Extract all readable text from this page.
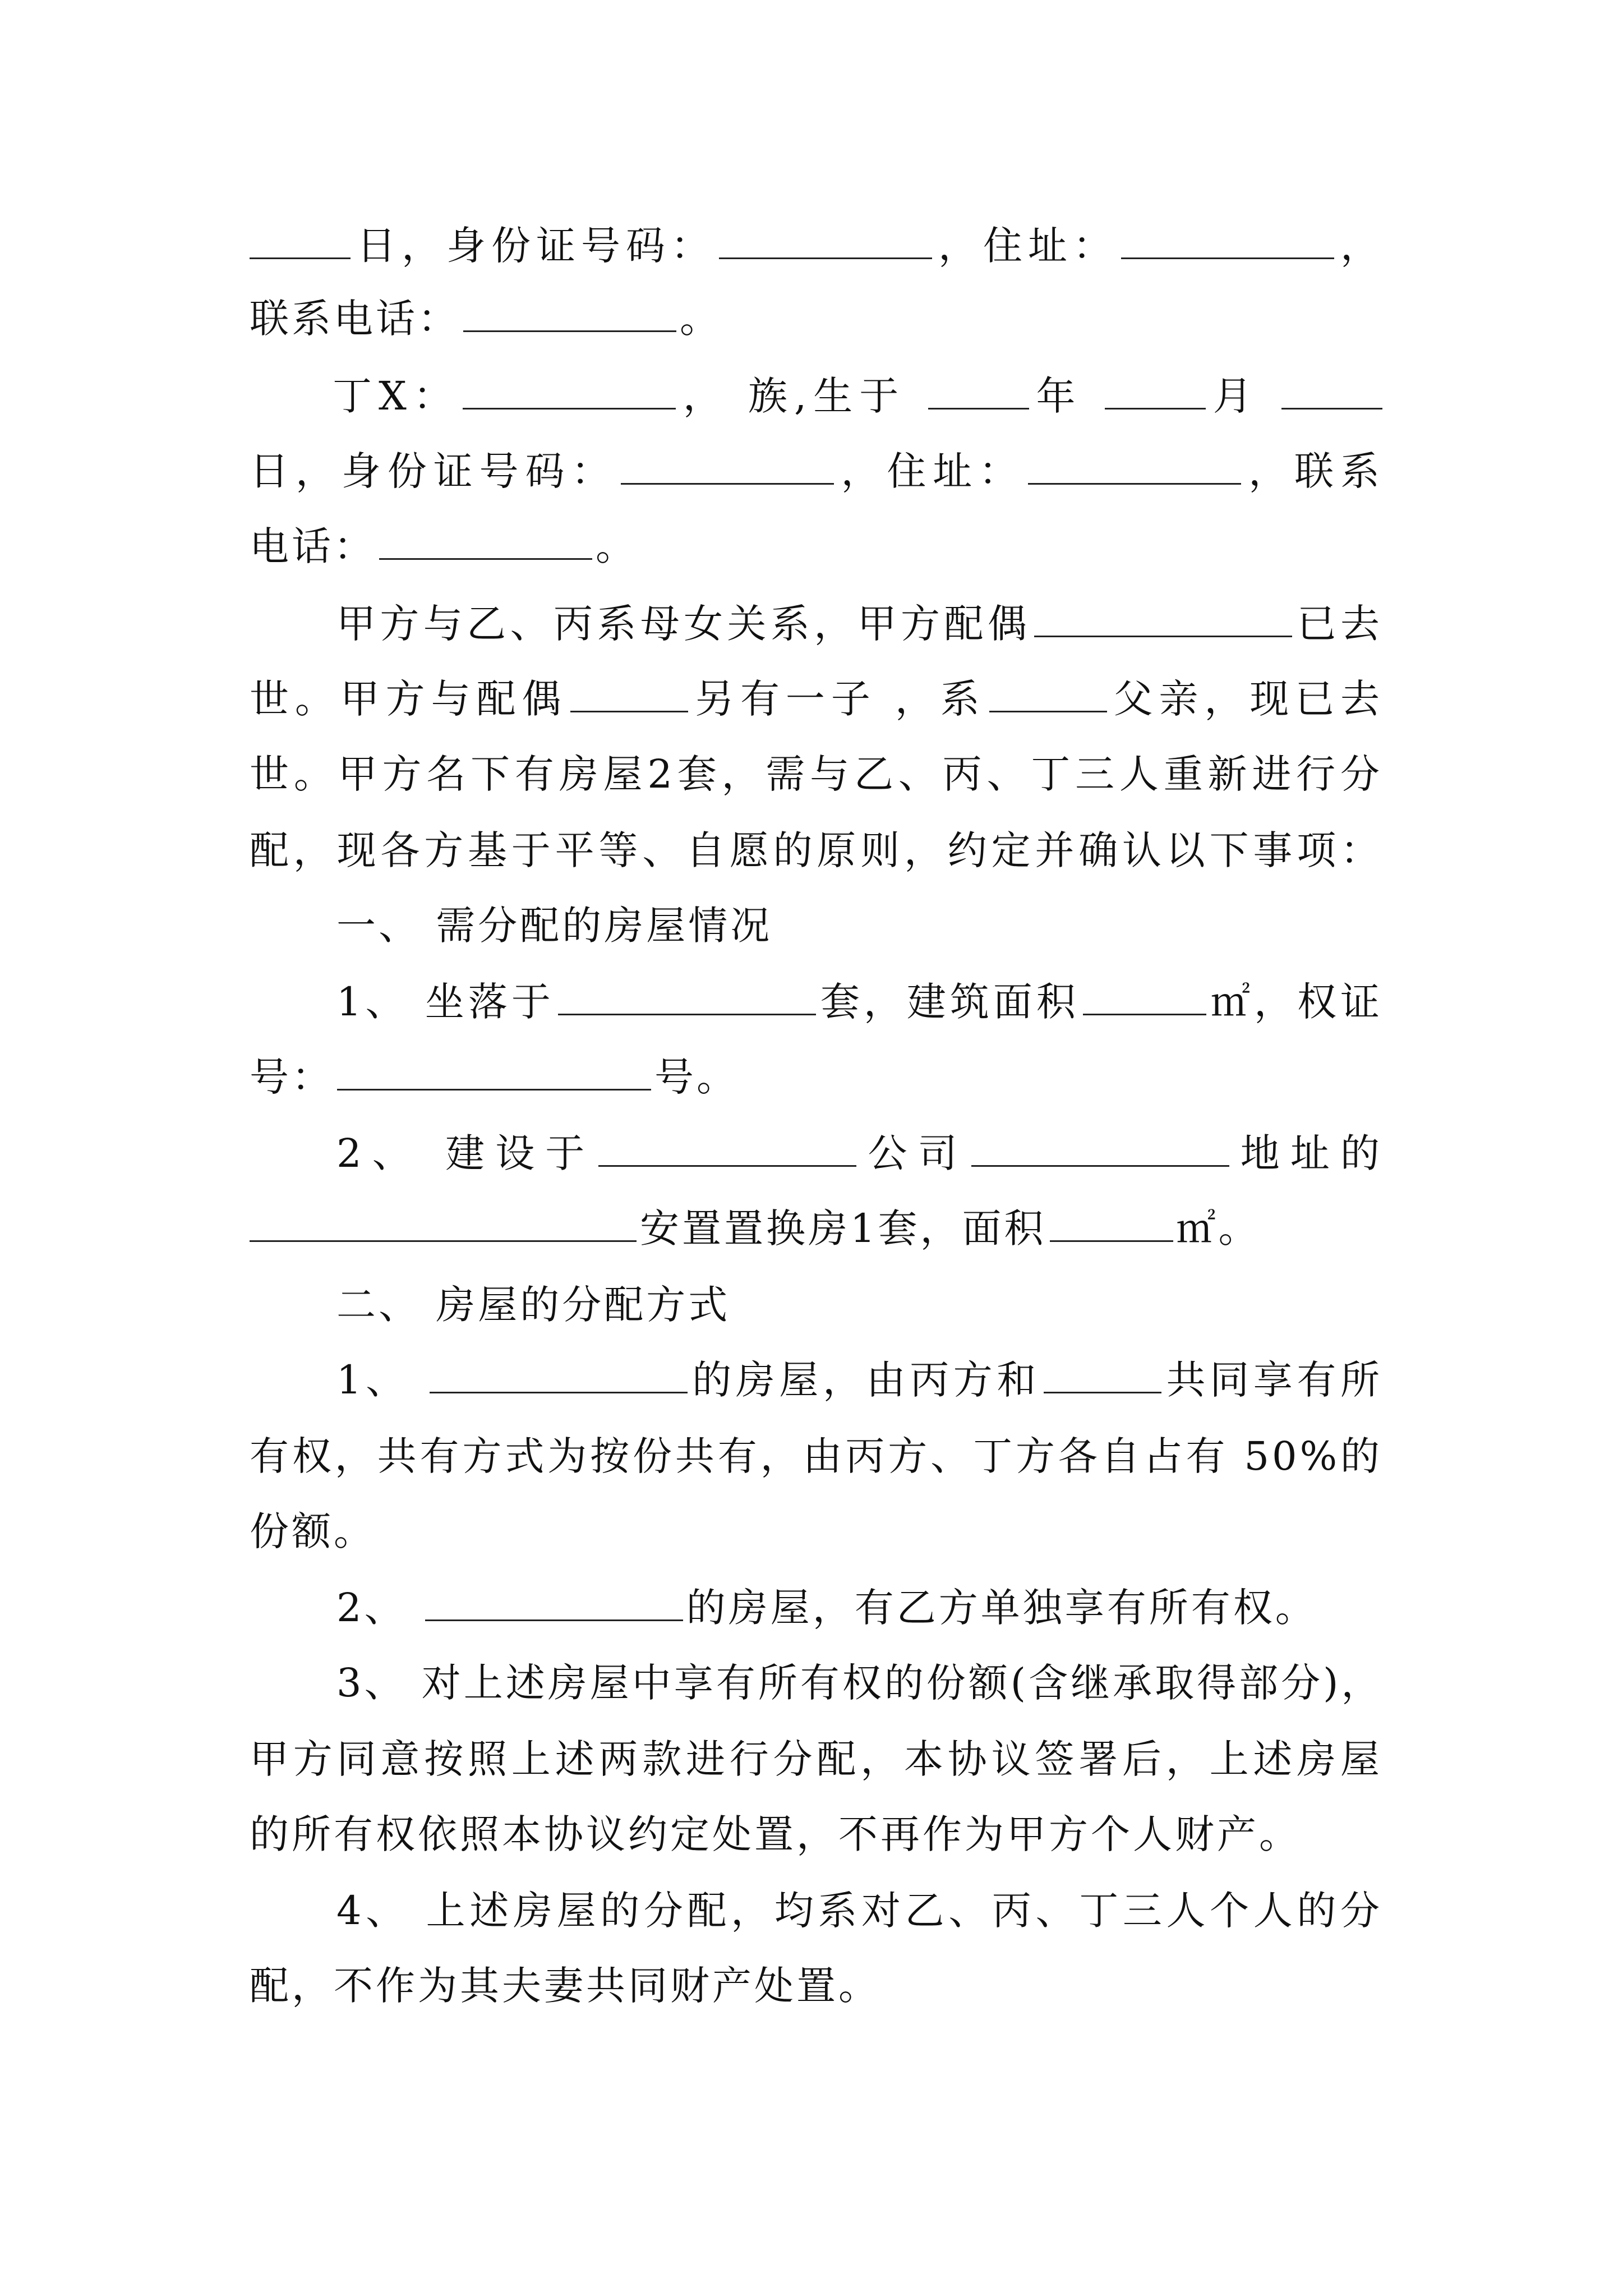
日，身份证号码：	，住址：	，
联系电话：	。
丁X：	， 族,生于	年	月
日，身份证号码：	，住址：	，联系
电话：	。
甲方与乙、丙系母女关系，甲方配偶	已去
世。甲方与配偶	另有一子 ，系	父亲，现已去
世。甲方名下有房屋2套，需与乙、丙、丁三人重新进行分
配，现各方基于平等、自愿的原则，约定并确认以下事项：
一、 需分配的房屋情况
1、 坐落于	套，建筑面积	㎡，权证
号：	号。
2、 建设于	公司	地址的
安置置换房1套，面积	㎡。
二、 房屋的分配方式
1、	的房屋，由丙方和	共同享有所
有权，共有方式为按份共有，由丙方、丁方各自占有 50%的
份额。
2、	的房屋，有乙方单独享有所有权。
3、 对上述房屋中享有所有权的份额(含继承取得部分)，
甲方同意按照上述两款进行分配，本协议签署后，上述房屋
的所有权依照本协议约定处置，不再作为甲方个人财产。
4、 上述房屋的分配，均系对乙、丙、丁三人个人的分
配，不作为其夫妻共同财产处置。
